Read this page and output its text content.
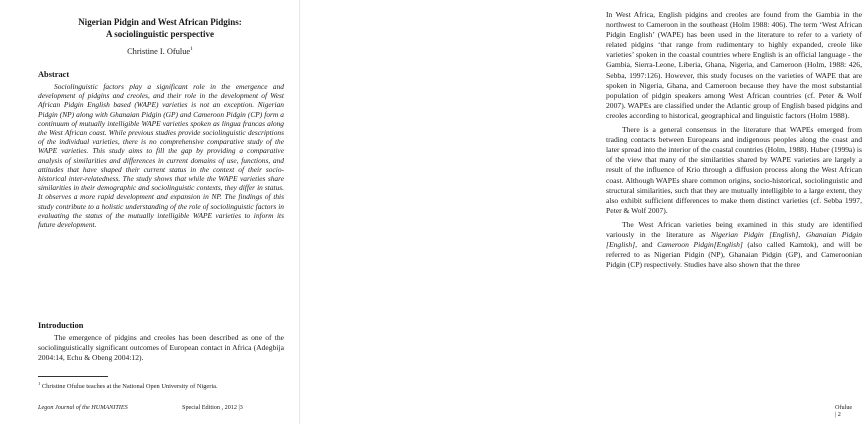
Nigerian Pidgin and West African Pidgins:
A sociolinguistic perspective
Christine I. Ofulue$^1$
Abstract

Sociolinguistic factors play a significant role in the emergence and development of pidgins and creoles, and their role in the development of West African Pidgin English based (WAPE) varieties is not an exception. Nigerian Pidgin (NP) along with Ghanaian Pidgin (GP) and Cameroon Pidgin (CP) form a continuum of mutually intelligible WAPE varieties spoken as lingua francas along the West African coast. While previous studies provide sociolinguistic descriptions of the individual varieties, there is no comprehensive comparative study of the WAPE varieties. This study aims to fill the gap by providing a comparative analysis of similarities and differences in current domains of use, functions, and attitudes that have shaped their current status in the context of their socio-historical inter-relatedness. The study shows that while the WAPE varieties share similarities in their demographic and sociolinguistic contexts, they differ in status. It observes a more rapid development and expansion in NP. The findings of this study contribute to a holistic understanding of the role of sociolinguistic factors in evaluating the status of the mutually intelligible WAPE varieties to inform its future development.

Introduction

The emergence of pidgins and creoles has been described as one of the sociolinguistically significant outcomes of European contact in Africa (Adegbija 2004:14, Echu & Obeng 2004:12).

$^1$ Christine Ofulue teaches at the National Open University of Nigeria.
Legon Journal of the HUMANITIES	Special Edition , 2012 |3

In West Africa, English pidgins and creoles are found from the Gambia in the northwest to Cameroon in the southeast (Holm 1988: 406). The term ‘West African Pidgin English’ (WAPE) has been used in the literature to refer to a variety of related pidgins ‘that range from rudimentary to highly expanded, creole like varieties’ spoken in the coastal countries where English is an official language - the Gambia, Sierra-Leone, Liberia, Ghana, Nigeria, and Cameroon (Holm, 1988: 426, Sebba, 1997:126). However, this study focuses on the varieties of WAPE that are spoken in Nigeria, Ghana, and Cameroon because they have the most substantial population of pidgin speakers among West African countries (cf. Peter & Wolf 2007). WAPEs are classified under the Atlantic group of English based pidgins and creoles according to historical, geographical and linguistic factors (Holm 1988).

There is a general consensus in the literature that WAPEs emerged from trading contacts between Europeans and indigenous peoples along the coast and later spread into the interior of the coastal countries (Holm, 1988). Huber (1999a) is of the view that many of the similarities shared by WAPE varieties are largely a result of the influence of Krio through a diffusion process along the West African coast. Although WAPEs share common origins, socio-historical, sociolinguistic and structural similarities, such that they are mutually intelligible to a large extent, they also exhibit sufficient differences to make them distinct varieties (cf. Sebba 1997, Peter & Wolf 2007).

The West African varieties being examined in this study are identified variously in the literature as Nigerian Pidgin [English], Ghanaian Pidgin [English], and Cameroon Pidgin[English] (also called Kamtok), and will be referred to as Nigerian Pidgin (NP), Ghanaian Pidgin (GP), and Cameroonian Pidgin (CP) respectively. Studies have also shown that the three

Ofulue | 2
